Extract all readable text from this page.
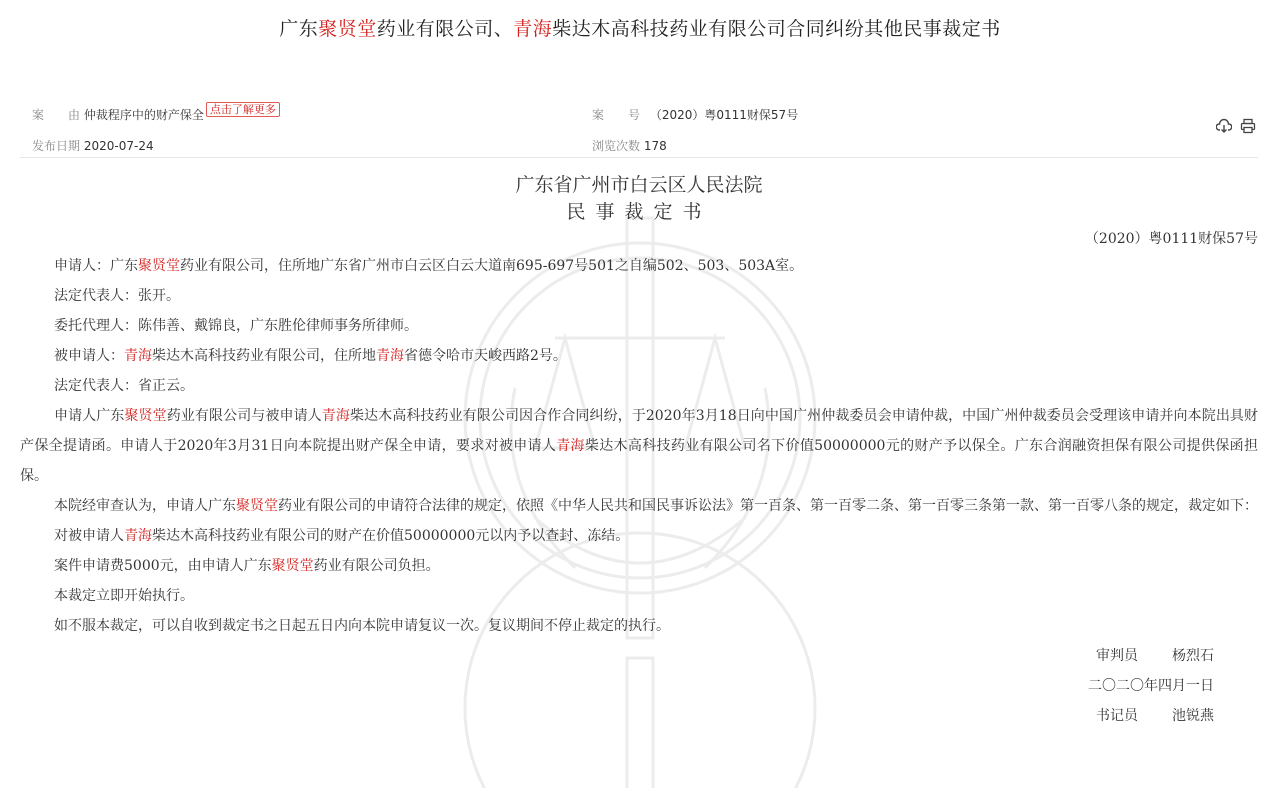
广东聚贤堂药业有限公司、青海柴达木高科技药业有限公司合同纠纷其他民事裁定书
案　　由 仲裁程序中的财产保全 点击了解更多	案　　号 （2020）粤0111财保57号
发布日期 2020-07-24	浏览次数 178

广东省广州市白云区人民法院
民事裁定书
（2020）粤0111财保57号

申请人：广东聚贤堂药业有限公司，住所地广东省广州市白云区白云大道南695-697号501之自编502、503、503A室。

法定代表人：张开。

委托代理人：陈伟善、戴锦良，广东胜伦律师事务所律师。

被申请人：青海柴达木高科技药业有限公司，住所地青海省德令哈市天峻西路2号。

法定代表人：省正云。

申请人广东聚贤堂药业有限公司与被申请人青海柴达木高科技药业有限公司因合作合同纠纷，于2020年3月18日向中国广州仲裁委员会申请仲裁，中国广州仲裁委员会受理该申请并向本院出具财产保全提请函。申请人于2020年3月31日向本院提出财产保全申请，要求对被申请人青海柴达木高科技药业有限公司名下价值50000000元的财产予以保全。广东合润融资担保有限公司提供保函担保。

本院经审查认为，申请人广东聚贤堂药业有限公司的申请符合法律的规定，依照《中华人民共和国民事诉讼法》第一百条、第一百零二条、第一百零三条第一款、第一百零八条的规定，裁定如下：

对被申请人青海柴达木高科技药业有限公司的财产在价值50000000元以内予以查封、冻结。

案件申请费5000元，由申请人广东聚贤堂药业有限公司负担。

本裁定立即开始执行。

如不服本裁定，可以自收到裁定书之日起五日内向本院申请复议一次。复议期间不停止裁定的执行。

审判员 杨烈石
二〇二〇年四月一日
书记员 池锐燕
